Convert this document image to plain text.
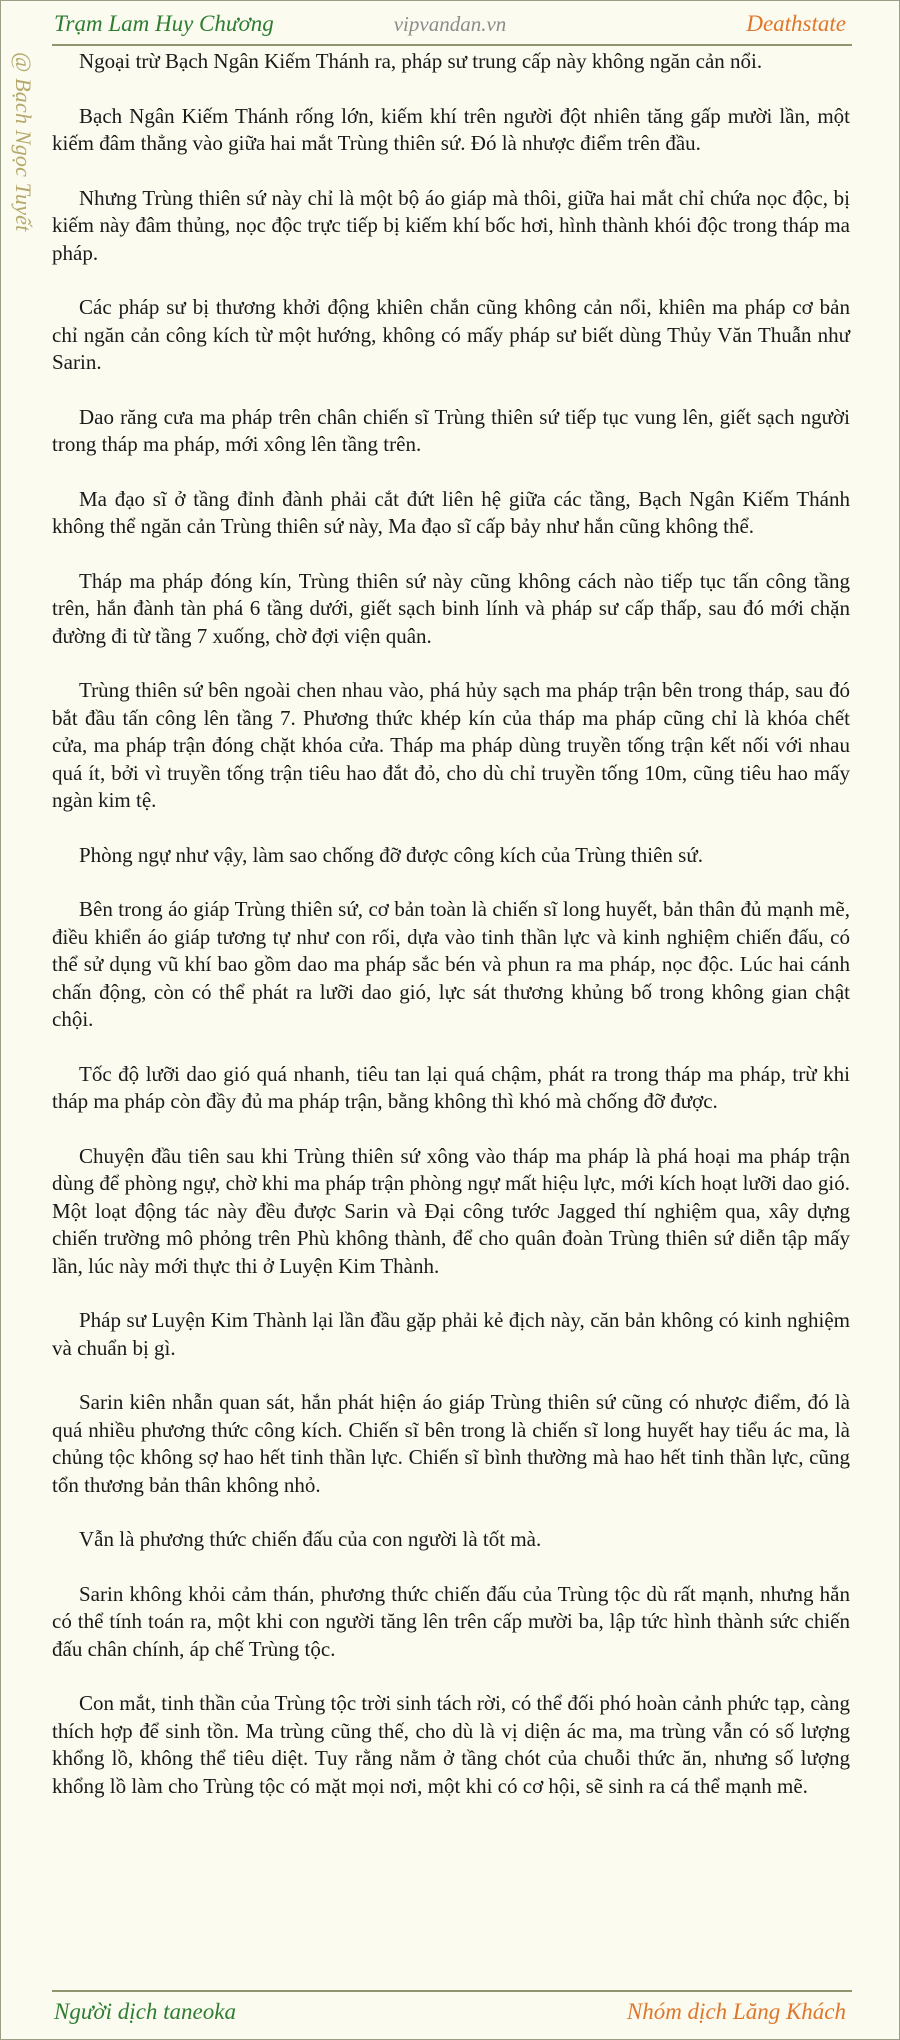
Trạm Lam Huy Chương	vipvandan.vn	Deathstate
@ Bạch Ngọc Tuyết	Ngoại trừ Bạch Ngân Kiếm Thánh ra, pháp sư trung cấp này không ngăn cản nổi.

Bạch Ngân Kiếm Thánh rống lớn, kiếm khí trên người đột nhiên tăng gấp mười lần, một kiếm đâm thẳng vào giữa hai mắt Trùng thiên sứ. Đó là nhược điểm trên đầu.

Nhưng Trùng thiên sứ này chỉ là một bộ áo giáp mà thôi, giữa hai mắt chỉ chứa nọc độc, bị kiếm này đâm thủng, nọc độc trực tiếp bị kiếm khí bốc hơi, hình thành khói độc trong tháp ma pháp.

Các pháp sư bị thương khởi động khiên chắn cũng không cản nổi, khiên ma pháp cơ bản chỉ ngăn cản công kích từ một hướng, không có mấy pháp sư biết dùng Thủy Văn Thuẫn như Sarin.

Dao răng cưa ma pháp trên chân chiến sĩ Trùng thiên sứ tiếp tục vung lên, giết sạch người trong tháp ma pháp, mới xông lên tầng trên.

Ma đạo sĩ ở tầng đỉnh đành phải cắt đứt liên hệ giữa các tầng, Bạch Ngân Kiếm Thánh không thể ngăn cản Trùng thiên sứ này, Ma đạo sĩ cấp bảy như hắn cũng không thể.

Tháp ma pháp đóng kín, Trùng thiên sứ này cũng không cách nào tiếp tục tấn công tầng trên, hắn đành tàn phá 6 tầng dưới, giết sạch binh lính và pháp sư cấp thấp, sau đó mới chặn đường đi từ tầng 7 xuống, chờ đợi viện quân.

Trùng thiên sứ bên ngoài chen nhau vào, phá hủy sạch ma pháp trận bên trong tháp, sau đó bắt đầu tấn công lên tầng 7. Phương thức khép kín của tháp ma pháp cũng chỉ là khóa chết cửa, ma pháp trận đóng chặt khóa cửa. Tháp ma pháp dùng truyền tống trận kết nối với nhau quá ít, bởi vì truyền tống trận tiêu hao đắt đỏ, cho dù chỉ truyền tống 10m, cũng tiêu hao mấy ngàn kim tệ.

Phòng ngự như vậy, làm sao chống đỡ được công kích của Trùng thiên sứ.

Bên trong áo giáp Trùng thiên sứ, cơ bản toàn là chiến sĩ long huyết, bản thân đủ mạnh mẽ, điều khiển áo giáp tương tự như con rối, dựa vào tinh thần lực và kinh nghiệm chiến đấu, có thể sử dụng vũ khí bao gồm dao ma pháp sắc bén và phun ra ma pháp, nọc độc. Lúc hai cánh chấn động, còn có thể phát ra lưỡi dao gió, lực sát thương khủng bố trong không gian chật chội.

Tốc độ lưỡi dao gió quá nhanh, tiêu tan lại quá chậm, phát ra trong tháp ma pháp, trừ khi tháp ma pháp còn đầy đủ ma pháp trận, bằng không thì khó mà chống đỡ được.

Chuyện đầu tiên sau khi Trùng thiên sứ xông vào tháp ma pháp là phá hoại ma pháp trận dùng để phòng ngự, chờ khi ma pháp trận phòng ngự mất hiệu lực, mới kích hoạt lưỡi dao gió. Một loạt động tác này đều được Sarin và Đại công tước Jagged thí nghiệm qua, xây dựng chiến trường mô phỏng trên Phù không thành, để cho quân đoàn Trùng thiên sứ diễn tập mấy lần, lúc này mới thực thi ở Luyện Kim Thành.

Pháp sư Luyện Kim Thành lại lần đầu gặp phải kẻ địch này, căn bản không có kinh nghiệm và chuẩn bị gì.

Sarin kiên nhẫn quan sát, hắn phát hiện áo giáp Trùng thiên sứ cũng có nhược điểm, đó là quá nhiều phương thức công kích. Chiến sĩ bên trong là chiến sĩ long huyết hay tiểu ác ma, là chủng tộc không sợ hao hết tinh thần lực. Chiến sĩ bình thường mà hao hết tinh thần lực, cũng tổn thương bản thân không nhỏ.

Vẫn là phương thức chiến đấu của con người là tốt mà.

Sarin không khỏi cảm thán, phương thức chiến đấu của Trùng tộc dù rất mạnh, nhưng hắn có thể tính toán ra, một khi con người tăng lên trên cấp mười ba, lập tức hình thành sức chiến đấu chân chính, áp chế Trùng tộc.

Con mắt, tinh thần của Trùng tộc trời sinh tách rời, có thể đối phó hoàn cảnh phức tạp, càng thích hợp để sinh tồn. Ma trùng cũng thế, cho dù là vị diện ác ma, ma trùng vẫn có số lượng khổng lồ, không thể tiêu diệt. Tuy rằng nằm ở tầng chót của chuỗi thức ăn, nhưng số lượng khổng lồ làm cho Trùng tộc có mặt mọi nơi, một khi có cơ hội, sẽ sinh ra cá thể mạnh mẽ.

Người dịch taneoka	Nhóm dịch Lăng Khách
